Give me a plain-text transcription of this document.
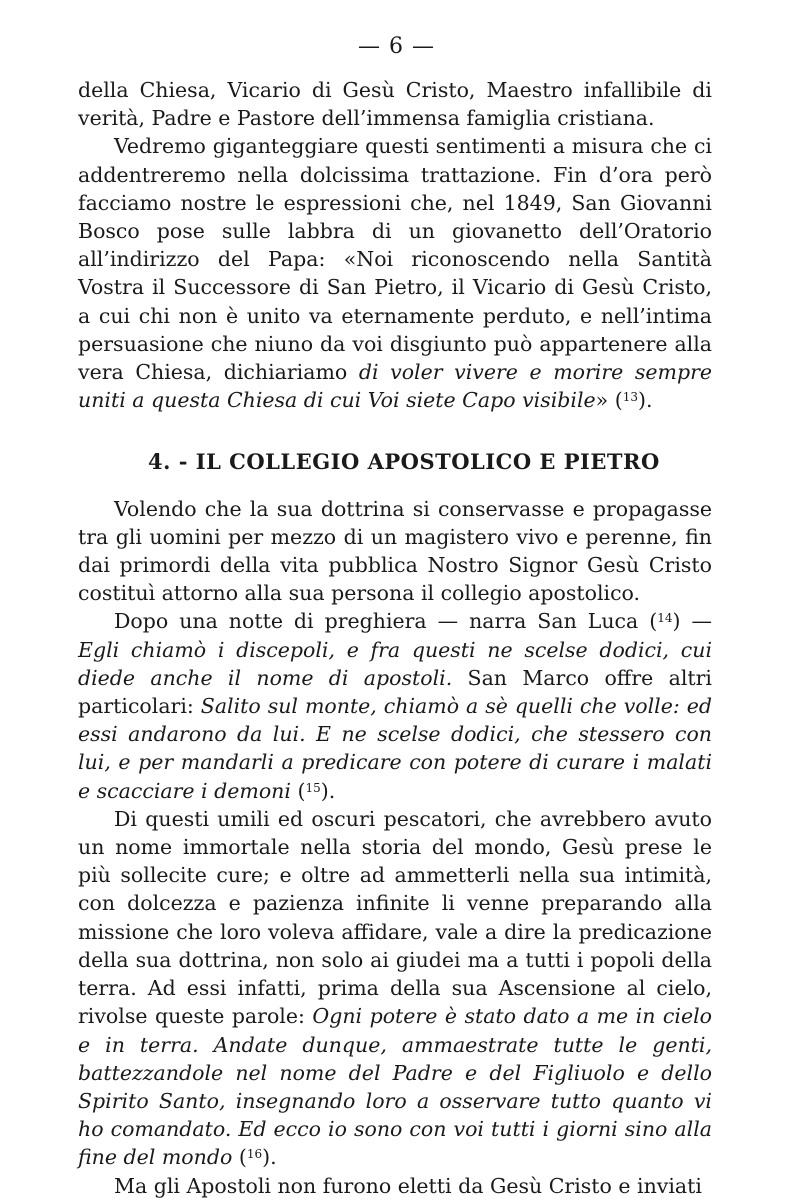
— 6 —

della Chiesa, Vicario di Gesù Cristo, Maestro infallibile di verità, Padre e Pastore dell’immensa famiglia cristiana.

Vedremo giganteggiare questi sentimenti a misura che ci addentreremo nella dolcissima trattazione. Fin d’ora però facciamo nostre le espressioni che, nel 1849, San Giovanni Bosco pose sulle labbra di un giovanetto dell’Oratorio all’indirizzo del Papa: «Noi riconoscendo nella Santità Vostra il Successore di San Pietro, il Vicario di Gesù Cristo, a cui chi non è unito va eternamente perduto, e nell’intima persuasione che niuno da voi disgiunto può appartenere alla vera Chiesa, dichiariamo di voler vivere e morire sempre uniti a questa Chiesa di cui Voi siete Capo visibile» ($^{13}$).

4. - IL COLLEGIO APOSTOLICO E PIETRO

Volendo che la sua dottrina si conservasse e propagasse tra gli uomini per mezzo di un magistero vivo e perenne, fin dai primordi della vita pubblica Nostro Signor Gesù Cristo costituì attorno alla sua persona il collegio apostolico.

Dopo una notte di preghiera — narra San Luca ($^{14}$) — Egli chiamò i discepoli, e fra questi ne scelse dodici, cui diede anche il nome di apostoli. San Marco offre altri particolari: Salito sul monte, chiamò a sè quelli che volle: ed essi andarono da lui. E ne scelse dodici, che stessero con lui, e per mandarli a predicare con potere di curare i malati e scacciare i demoni ($^{15}$).

Di questi umili ed oscuri pescatori, che avrebbero avuto un nome immortale nella storia del mondo, Gesù prese le più sollecite cure; e oltre ad ammetterli nella sua intimità, con dolcezza e pazienza infinite li venne preparando alla missione che loro voleva affidare, vale a dire la predicazione della sua dottrina, non solo ai giudei ma a tutti i popoli della terra. Ad essi infatti, prima della sua Ascensione al cielo, rivolse queste parole: Ogni potere è stato dato a me in cielo e in terra. Andate dunque, ammaestrate tutte le genti, battezzandole nel nome del Padre e del Figliuolo e dello Spirito Santo, insegnando loro a osservare tutto quanto vi ho comandato. Ed ecco io sono con voi tutti i giorni sino alla fine del mondo ($^{16}$).

Ma gli Apostoli non furono eletti da Gesù Cristo e inviati
